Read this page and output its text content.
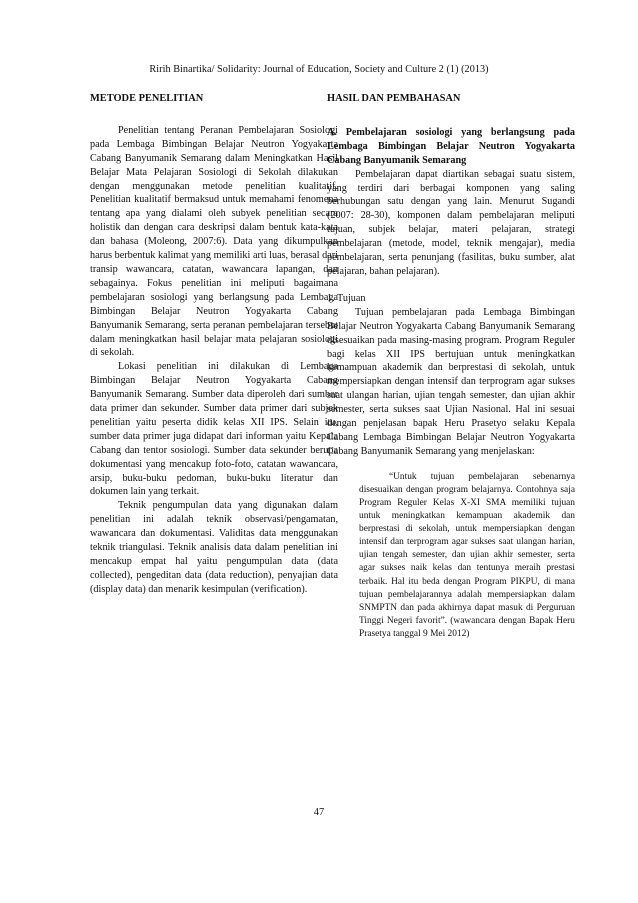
Ririh Binartika/ Solidarity: Journal of Education, Society and Culture 2 (1) (2013)
METODE PENELITIAN

Penelitian tentang Peranan Pembelajaran Sosiologi pada Lembaga Bimbingan Belajar Neutron Yogyakarta Cabang Banyumanik Semarang dalam Meningkatkan Hasil Belajar Mata Pelajaran Sosiologi di Sekolah dilakukan dengan menggunakan metode penelitian kualitatif. Penelitian kualitatif bermaksud untuk memahami fenomena tentang apa yang dialami oleh subyek penelitian secara holistik dan dengan cara deskripsi dalam bentuk kata-kata dan bahasa (Moleong, 2007:6). Data yang dikumpulkan harus berbentuk kalimat yang memiliki arti luas, berasal dari transip wawancara, catatan, wawancara lapangan, dan sebagainya. Fokus penelitian ini meliputi bagaimana pembelajaran sosiologi yang berlangsung pada Lembaga Bimbingan Belajar Neutron Yogyakarta Cabang Banyumanik Semarang, serta peranan pembelajaran tersebut dalam meningkatkan hasil belajar mata pelajaran sosiologi di sekolah.

Lokasi penelitian ini dilakukan di Lembaga Bimbingan Belajar Neutron Yogyakarta Cabang Banyumanik Semarang. Sumber data diperoleh dari sumber data primer dan sekunder. Sumber data primer dari subjek penelitian yaitu peserta didik kelas XII IPS. Selain itu, sumber data primer juga didapat dari informan yaitu Kepala Cabang dan tentor sosiologi. Sumber data sekunder berupa dokumentasi yang mencakup foto-foto, catatan wawancara, arsip, buku-buku pedoman, buku-buku literatur dan dokumen lain yang terkait.

Teknik pengumpulan data yang digunakan dalam penelitian ini adalah teknik observasi/pengamatan, wawancara dan dokumentasi. Validitas data menggunakan teknik triangulasi. Teknik analisis data dalam penelitian ini mencakup empat hal yaitu pengumpulan data (data collected), pengeditan data (data reduction), penyajian data (display data) dan menarik kesimpulan (verification).

HASIL DAN PEMBAHASAN

A. Pembelajaran sosiologi yang berlangsung pada Lembaga Bimbingan Belajar Neutron Yogyakarta Cabang Banyumanik Semarang

Pembelajaran dapat diartikan sebagai suatu sistem, yang terdiri dari berbagai komponen yang saling berhubungan satu dengan yang lain. Menurut Sugandi (2007: 28-30), komponen dalam pembelajaran meliputi tujuan, subjek belajar, materi pelajaran, strategi pembelajaran (metode, model, teknik mengajar), media pembelajaran, serta penunjang (fasilitas, buku sumber, alat pelajaran, bahan pelajaran).

1. Tujuan

Tujuan pembelajaran pada Lembaga Bimbingan Belajar Neutron Yogyakarta Cabang Banyumanik Semarang disesuaikan pada masing-masing program. Program Reguler bagi kelas XII IPS bertujuan untuk meningkatkan kemampuan akademik dan berprestasi di sekolah, untuk mempersiapkan dengan intensif dan terprogram agar sukses saat ulangan harian, ujian tengah semester, dan ujian akhir semester, serta sukses saat Ujian Nasional. Hal ini sesuai dengan penjelasan bapak Heru Prasetyo selaku Kepala Cabang Lembaga Bimbingan Belajar Neutron Yogyakarta Cabang Banyumanik Semarang yang menjelaskan:

“Untuk tujuan pembelajaran sebenarnya disesuaikan dengan program belajarnya. Contohnya saja Program Reguler Kelas X-XI SMA memiliki tujuan untuk meningkatkan kemampuan akademik dan berprestasi di sekolah, untuk mempersiapkan dengan intensif dan terprogram agar sukses saat ulangan harian, ujian tengah semester, dan ujian akhir semester, serta agar sukses naik kelas dan tentunya meraih prestasi terbaik. Hal itu beda dengan Program PIKPU, di mana tujuan pembelajarannya adalah mempersiapkan dalam SNMPTN dan pada akhirnya dapat masuk di Perguruan Tinggi Negeri favorit”. (wawancara dengan Bapak Heru Prasetya tanggal 9 Mei 2012)

47
